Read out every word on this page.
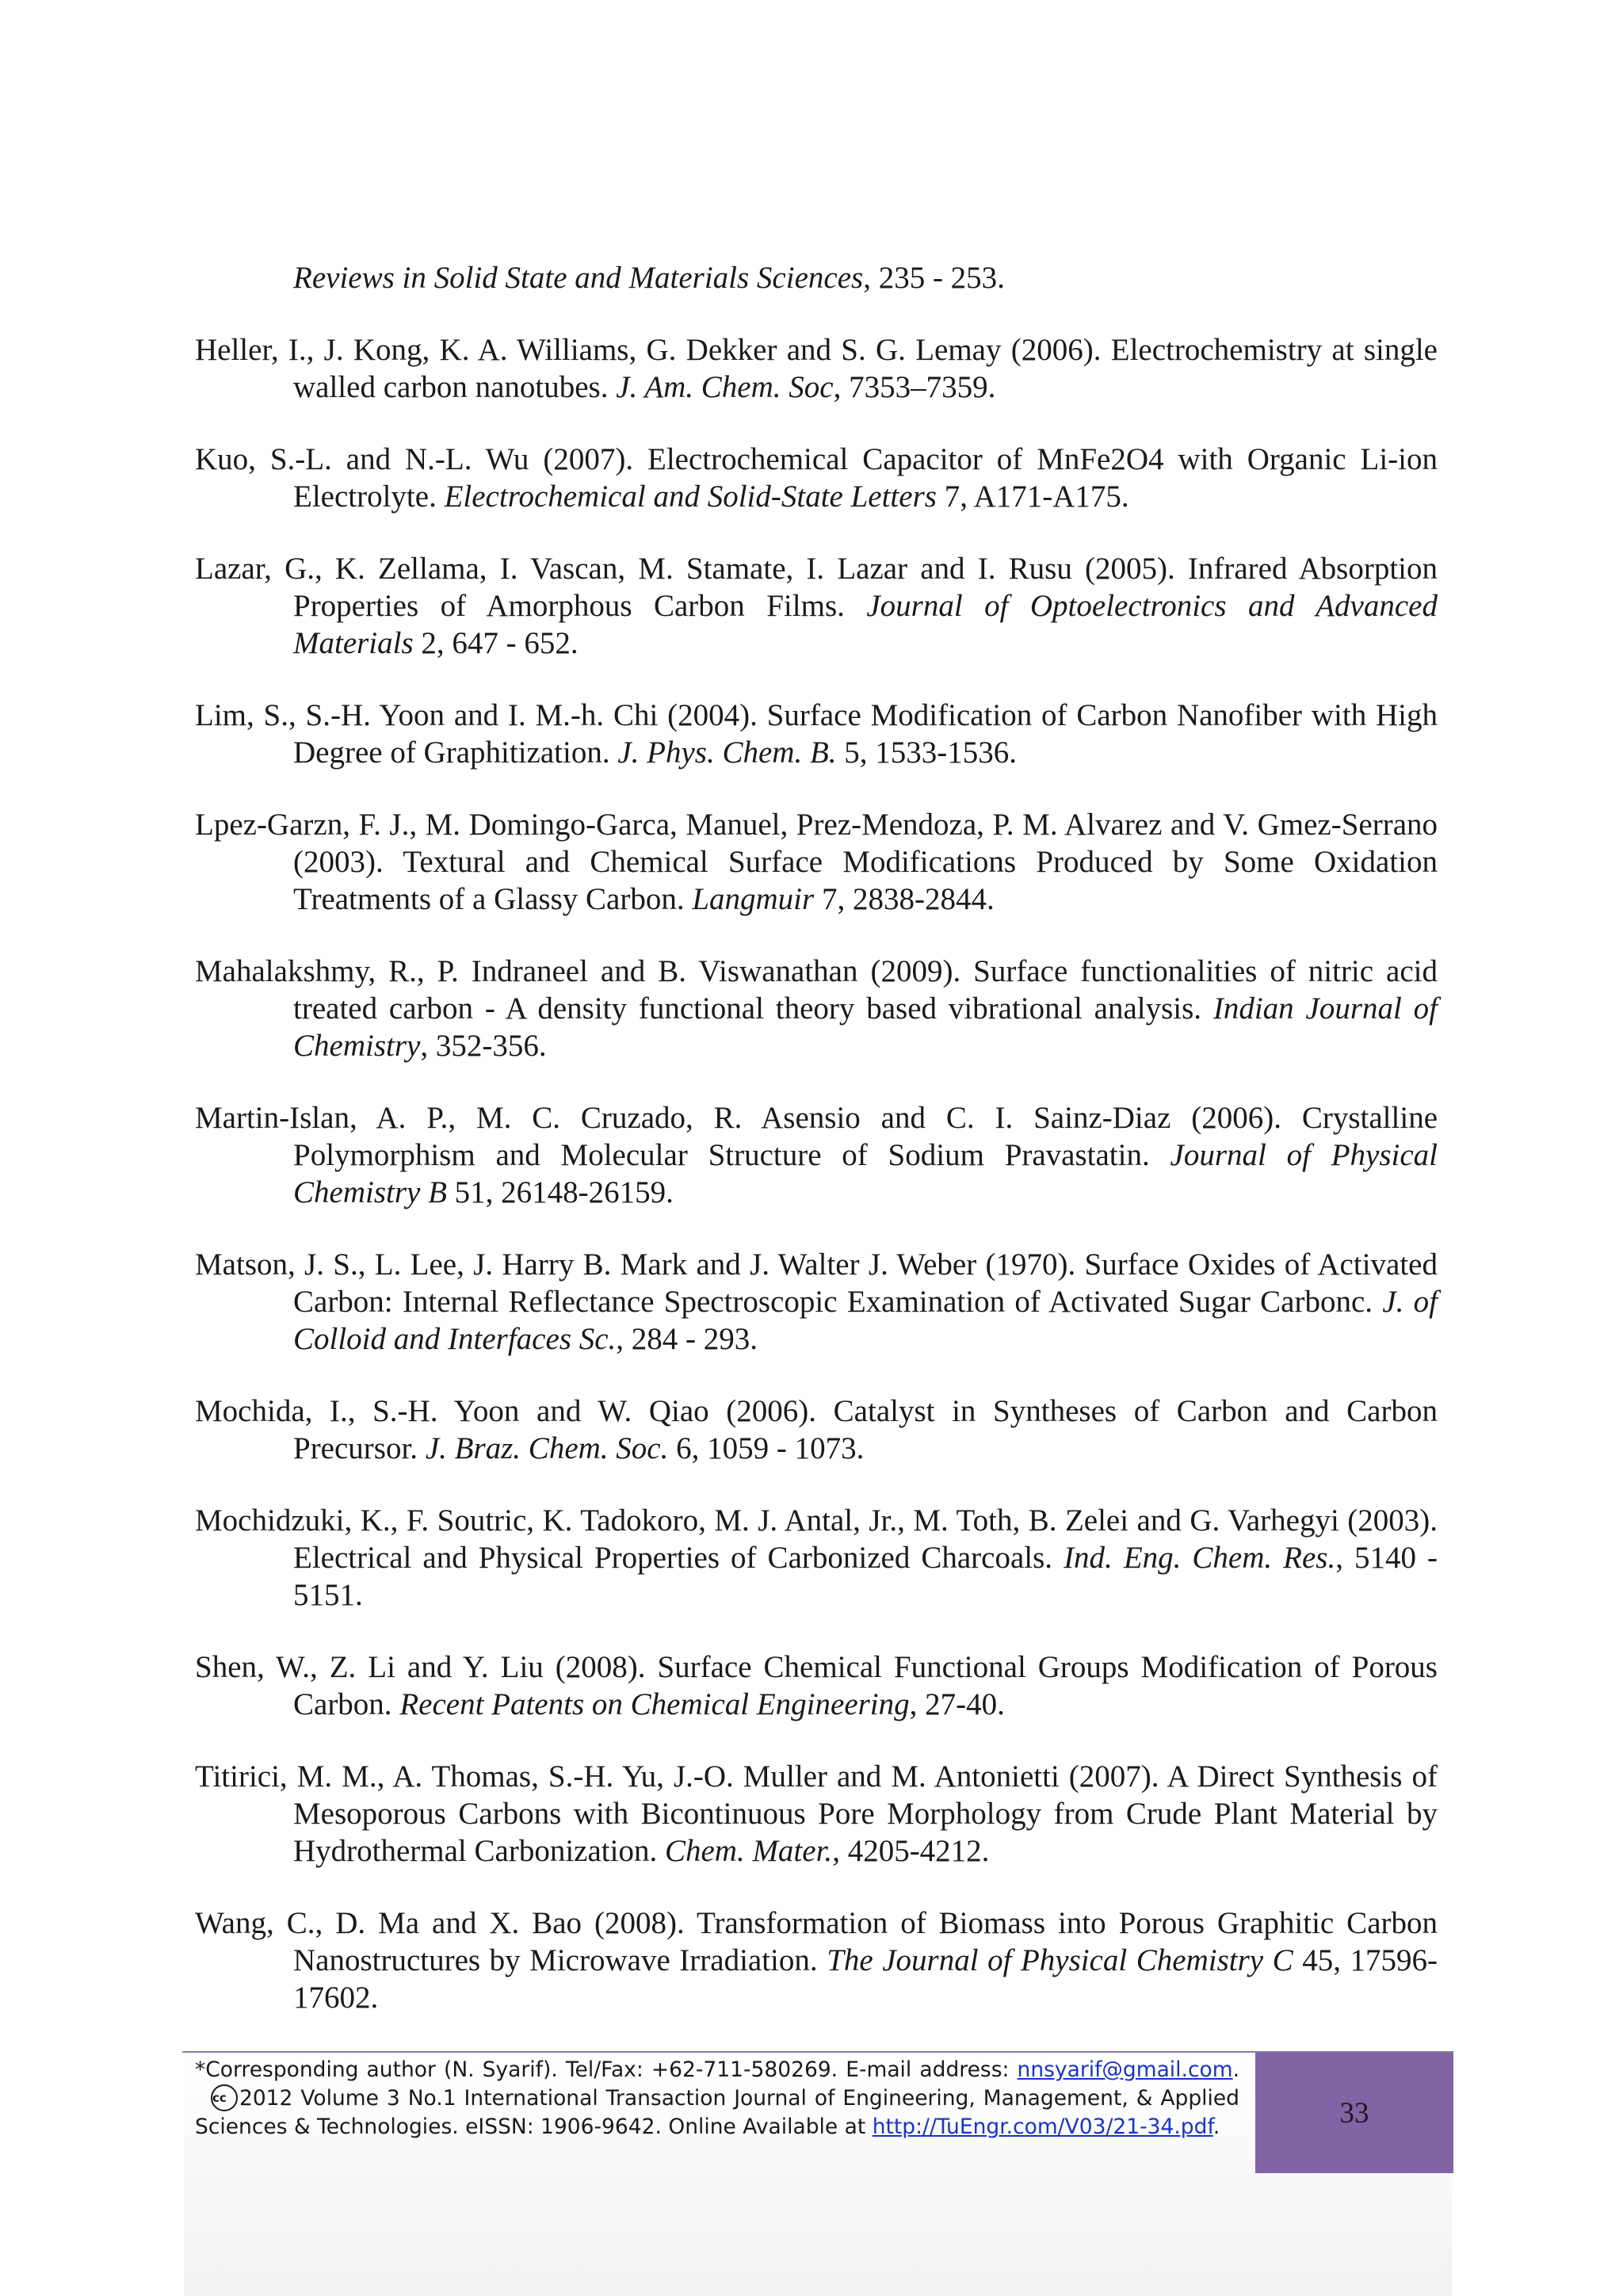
Reviews in Solid State and Materials Sciences, 235 - 253.

Heller, I., J. Kong, K. A. Williams, G. Dekker and S. G. Lemay (2006). Electrochemistry at single walled carbon nanotubes. J. Am. Chem. Soc, 7353–7359.

Kuo, S.-L. and N.-L. Wu (2007). Electrochemical Capacitor of MnFe2O4 with Organic Li-ion Electrolyte. Electrochemical and Solid-State Letters 7, A171-A175.

Lazar, G., K. Zellama, I. Vascan, M. Stamate, I. Lazar and I. Rusu (2005). Infrared Absorption Properties of Amorphous Carbon Films. Journal of Optoelectronics and Advanced Materials 2, 647 - 652.

Lim, S., S.-H. Yoon and I. M.-h. Chi (2004). Surface Modification of Carbon Nanofiber with High Degree of Graphitization. J. Phys. Chem. B. 5, 1533-1536.

Lpez-Garzn, F. J., M. Domingo-Garca, Manuel, Prez-Mendoza, P. M. Alvarez and V. Gmez-Serrano (2003). Textural and Chemical Surface Modifications Produced by Some Oxidation Treatments of a Glassy Carbon. Langmuir 7, 2838-2844.

Mahalakshmy, R., P. Indraneel and B. Viswanathan (2009). Surface functionalities of nitric acid treated carbon - A density functional theory based vibrational analysis. Indian Journal of Chemistry, 352-356.

Martin-Islan, A. P., M. C. Cruzado, R. Asensio and C. I. Sainz-Diaz (2006). Crystalline Polymorphism and Molecular Structure of Sodium Pravastatin. Journal of Physical Chemistry B 51, 26148-26159.

Matson, J. S., L. Lee, J. Harry B. Mark and J. Walter J. Weber (1970). Surface Oxides of Activated Carbon: Internal Reflectance Spectroscopic Examination of Activated Sugar Carbonc. J. of Colloid and Interfaces Sc., 284 - 293.

Mochida, I., S.-H. Yoon and W. Qiao (2006). Catalyst in Syntheses of Carbon and Carbon Precursor. J. Braz. Chem. Soc. 6, 1059 - 1073.

Mochidzuki, K., F. Soutric, K. Tadokoro, M. J. Antal, Jr., M. Toth, B. Zelei and G. Varhegyi (2003). Electrical and Physical Properties of Carbonized Charcoals. Ind. Eng. Chem. Res., 5140 - 5151.

Shen, W., Z. Li and Y. Liu (2008). Surface Chemical Functional Groups Modification of Porous Carbon. Recent Patents on Chemical Engineering, 27-40.

Titirici, M. M., A. Thomas, S.-H. Yu, J.-O. Muller and M. Antonietti (2007). A Direct Synthesis of Mesoporous Carbons with Bicontinuous Pore Morphology from Crude Plant Material by Hydrothermal Carbonization. Chem. Mater., 4205-4212.

Wang, C., D. Ma and X. Bao (2008). Transformation of Biomass into Porous Graphitic Carbon Nanostructures by Microwave Irradiation. The Journal of Physical Chemistry C 45, 17596-17602.

*Corresponding author (N. Syarif). Tel/Fax: +62-711-580269. E-mail address: nnsyarif@gmail.com.   cc 2012 Volume 3 No.1 International Transaction Journal of Engineering, Management, & Applied Sciences & Technologies. eISSN: 1906-9642. Online Available at http://TuEngr.com/V03/21-34.pdf.	33
